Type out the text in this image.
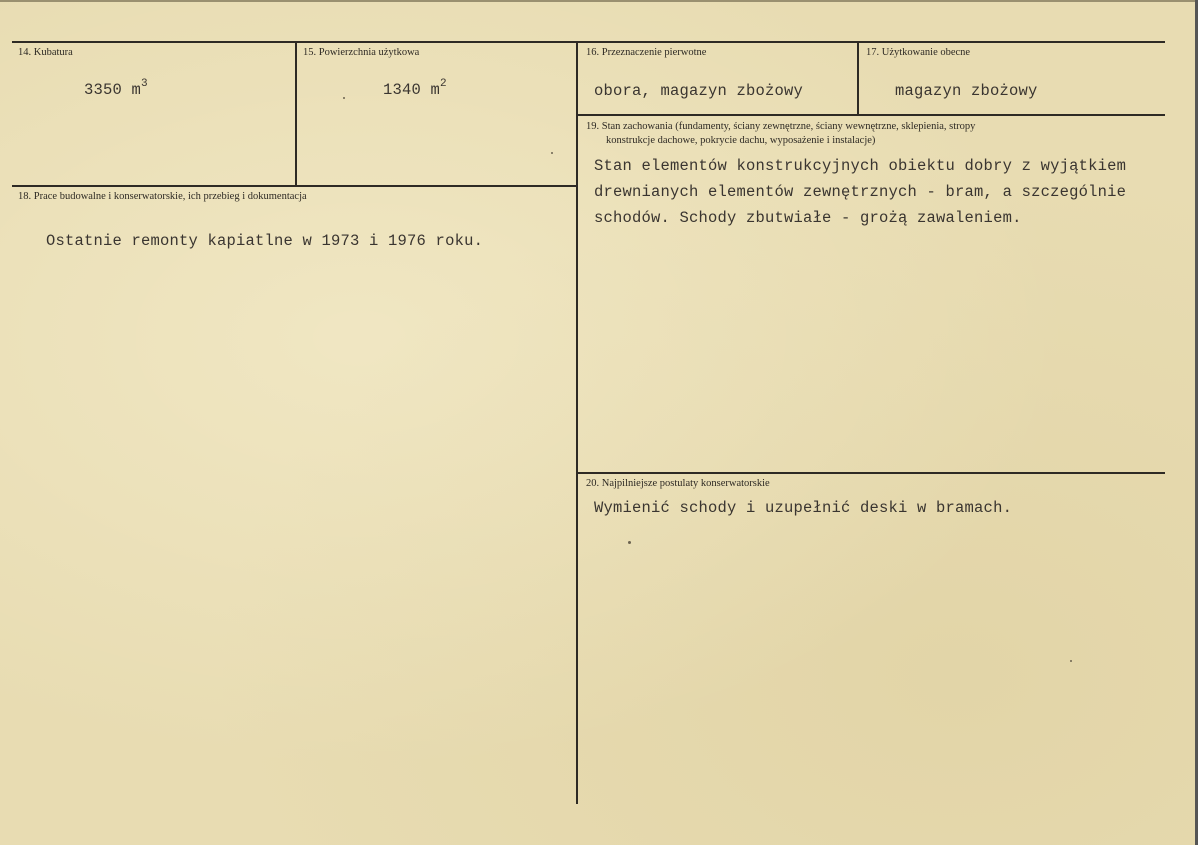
14. Kubatura
3350 $m^3$
15. Powierzchnia użytkowa
1340 $m^2$
16. Przeznaczenie pierwotne
obora, magazyn zbożowy
17. Użytkowanie obecne
magazyn zbożowy
18. Prace budowalne i konserwatorskie, ich przebieg i dokumentacja
Ostatnie remonty kapiatlne w 1973 i 1976 roku.
19. Stan zachowania (fundamenty, ściany zewnętrzne, ściany wewnętrzne, sklepienia, stropy
konstrukcje dachowe, pokrycie dachu, wyposażenie i instalacje)
Stan elementów konstrukcyjnych obiektu dobry z wyjątkiem
drewnianych elementów zewnętrznych - bram, a szczególnie
schodów. Schody zbutwiałe - grożą zawaleniem.
20. Najpilniejsze postulaty konserwatorskie
Wymienić schody i uzupełnić deski w bramach.
